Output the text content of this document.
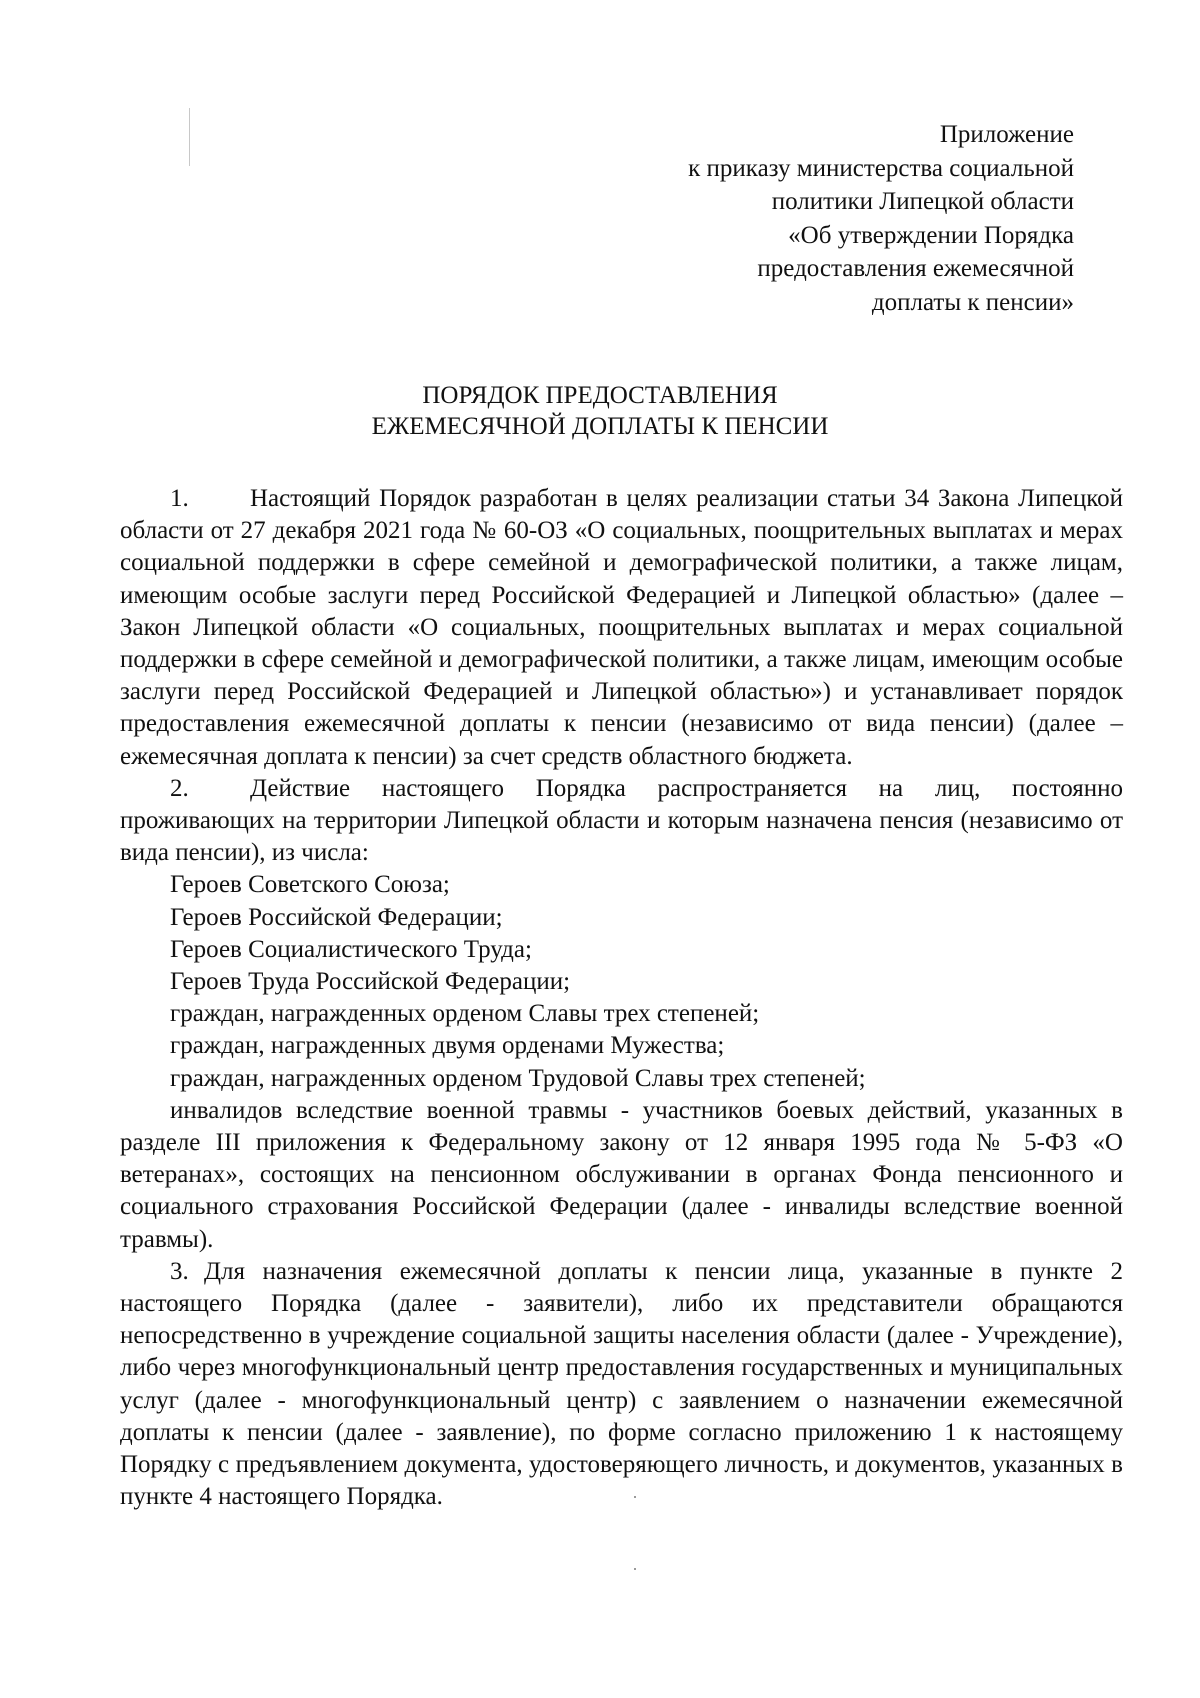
Приложение
к приказу министерства социальной
политики Липецкой области
«Об утверждении Порядка
предоставления ежемесячной
доплаты к пенсии»
ПОРЯДОК ПРЕДОСТАВЛЕНИЯ
ЕЖЕМЕСЯЧНОЙ ДОПЛАТЫ К ПЕНСИИ

1. Настоящий Порядок разработан в целях реализации статьи 34 Закона Липецкой области от 27 декабря 2021 года № 60-ОЗ «О социальных, поощрительных выплатах и мерах социальной поддержки в сфере семейной и демографической политики, а также лицам, имеющим особые заслуги перед Российской Федерацией и Липецкой областью» (далее – Закон Липецкой области «О социальных, поощрительных выплатах и мерах социальной поддержки в сфере семейной и демографической политики, а также лицам, имеющим особые заслуги перед Российской Федерацией и Липецкой областью») и устанавливает порядок предоставления ежемесячной доплаты к пенсии (независимо от вида пенсии) (далее – ежемесячная доплата к пенсии) за счет средств областного бюджета.

2. Действие настоящего Порядка распространяется на лиц, постоянно проживающих на территории Липецкой области и которым назначена пенсия (независимо от вида пенсии), из числа:

Героев Советского Союза;
Героев Российской Федерации;
Героев Социалистического Труда;
Героев Труда Российской Федерации;
граждан, награжденных орденом Славы трех степеней;
граждан, награжденных двумя орденами Мужества;
граждан, награжденных орденом Трудовой Славы трех степеней;

инвалидов вследствие военной травмы - участников боевых действий, указанных в разделе III приложения к Федеральному закону от 12 января 1995 года № 5-ФЗ «О ветеранах», состоящих на пенсионном обслуживании в органах Фонда пенсионного и социального страхования Российской Федерации (далее - инвалиды вследствие военной травмы).

3. Для назначения ежемесячной доплаты к пенсии лица, указанные в пункте 2 настоящего Порядка (далее - заявители), либо их представители обращаются непосредственно в учреждение социальной защиты населения области (далее - Учреждение), либо через многофункциональный центр предоставления государственных и муниципальных услуг (далее - многофункциональный центр) с заявлением о назначении ежемесячной доплаты к пенсии (далее - заявление), по форме согласно приложению 1 к настоящему Порядку с предъявлением документа, удостоверяющего личность, и документов, указанных в пункте 4 настоящего Порядка.
